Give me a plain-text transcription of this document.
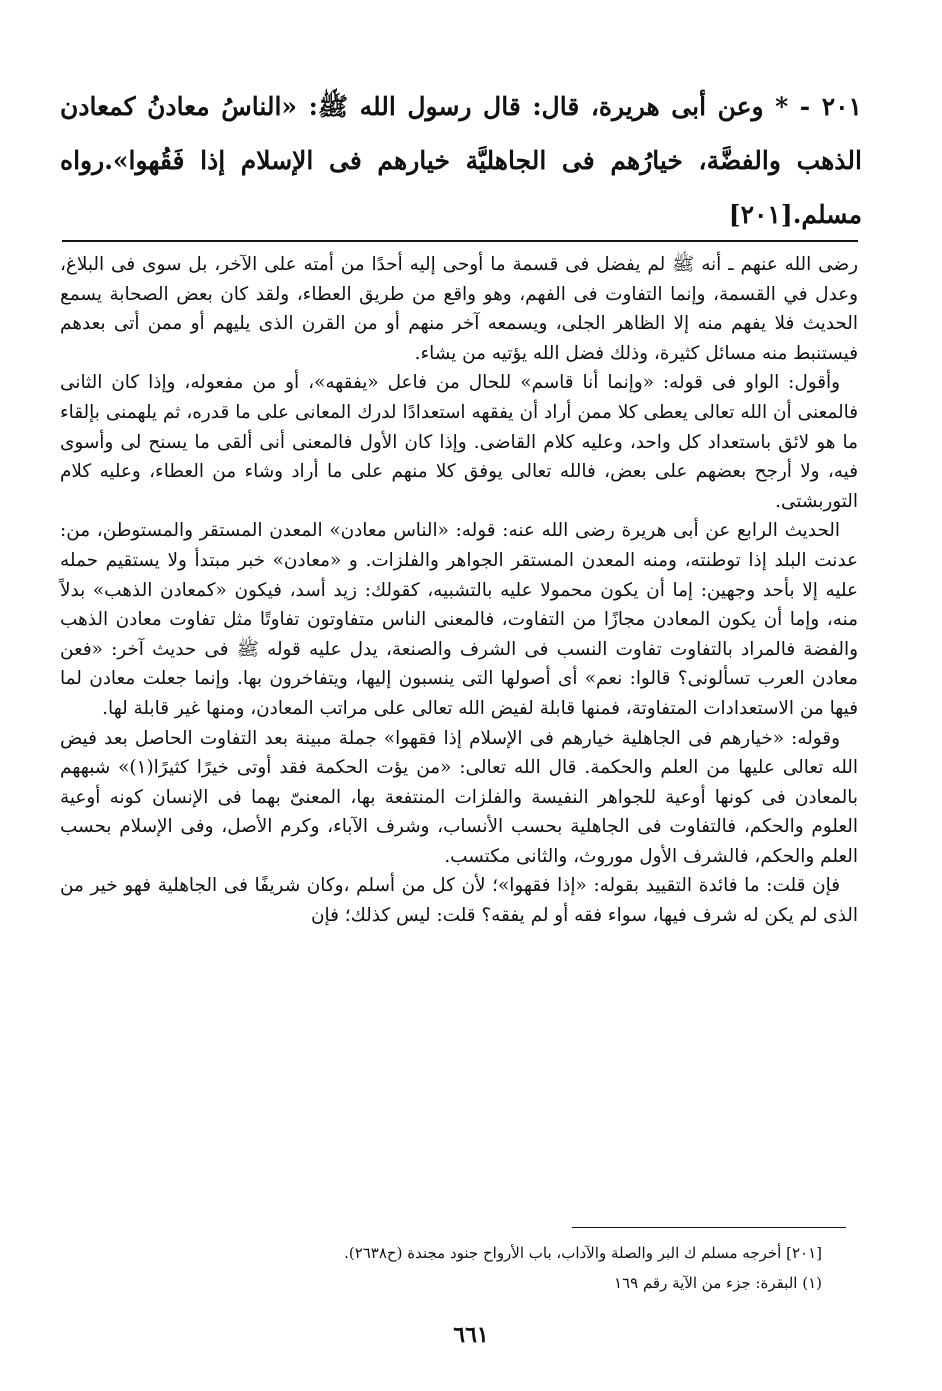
٢٠١ - * وعن أبى هريرة، قال: قال رسول الله ﷺ: «الناسُ معادنُ كمعادن الذهب والفضَّة، خيارُهم فى الجاهليَّة خيارهم فى الإسلام إذا فَقُهوا».رواه مسلم.[٢٠١]

رضى الله عنهم ـ أنه ﷺ لم يفضل فى قسمة ما أوحى إليه أحدًا من أمته على الآخر، بل سوى فى البلاغ، وعدل في القسمة، وإنما التفاوت فى الفهم، وهو واقع من طريق العطاء، ولقد كان بعض الصحابة يسمع الحديث فلا يفهم منه إلا الظاهر الجلى، ويسمعه آخر منهم أو من القرن الذى يليهم أو ممن أتى بعدهم فيستنبط منه مسائل كثيرة، وذلك فضل الله يؤتيه من يشاء.

وأقول: الواو فى قوله: «وإنما أنا قاسم» للحال من فاعل «يفقهه»، أو من مفعوله، وإذا كان الثانى فالمعنى أن الله تعالى يعطى كلا ممن أراد أن يفقهه استعدادًا لدرك المعانى على ما قدره، ثم يلهمنى بإلقاء ما هو لائق باستعداد كل واحد، وعليه كلام القاضى. وإذا كان الأول فالمعنى أنى ألقى ما يسنح لى وأسوى فيه، ولا أرجح بعضهم على بعض، فالله تعالى يوفق كلا منهم على ما أراد وشاء من العطاء، وعليه كلام التوربشتى.

الحديث الرابع عن أبى هريرة رضى الله عنه: قوله: «الناس معادن» المعدن المستقر والمستوطن، من: عدنت البلد إذا توطنته، ومنه المعدن المستقر الجواهر والفلزات. و «معادن» خبر مبتدأ ولا يستقيم حمله عليه إلا بأحد وجهين: إما أن يكون محمولا عليه بالتشبيه، كقولك: زيد أسد، فيكون «كمعادن الذهب» بدلاً منه، وإما أن يكون المعادن مجازًا من التفاوت، فالمعنى الناس متفاوتون تفاوتًا مثل تفاوت معادن الذهب والفضة فالمراد بالتفاوت تفاوت النسب فى الشرف والصنعة، يدل عليه قوله ﷺ فى حديث آخر: «فعن معادن العرب تسألونى؟ قالوا: نعم» أى أصولها التى ينسبون إليها، ويتفاخرون بها. وإنما جعلت معادن لما فيها من الاستعدادات المتفاوتة، فمنها قابلة لفيض الله تعالى على مراتب المعادن، ومنها غير قابلة لها.

وقوله: «خيارهم فى الجاهلية خيارهم فى الإسلام إذا فقهوا» جملة مبينة بعد التفاوت الحاصل بعد فيض الله تعالى عليها من العلم والحكمة. قال الله تعالى: «من يؤت الحكمة فقد أوتى خيرًا كثيرًا(١)» شبههم بالمعادن فى كونها أوعية للجواهر النفيسة والفلزات المنتفعة بها، المعنىّ بهما فى الإنسان كونه أوعية العلوم والحكم، فالتفاوت فى الجاهلية بحسب الأنساب، وشرف الآباء، وكرم الأصل، وفى الإسلام بحسب العلم والحكم، فالشرف الأول موروث، والثانى مكتسب.

فإن قلت: ما فائدة التقييد بقوله: «إذا فقهوا»؛ لأن كل من أسلم ،وكان شريفًا فى الجاهلية فهو خير من الذى لم يكن له شرف فيها، سواء فقه أو لم يفقه؟ قلت: ليس كذلك؛ فإن

[٢٠١] أخرجه مسلم ك البر والصلة والآداب، باب الأرواح جنود مجندة (ح٢٦٣٨).

(١) البقرة: جزء من الآية رقم ١٦٩

٦٦١
